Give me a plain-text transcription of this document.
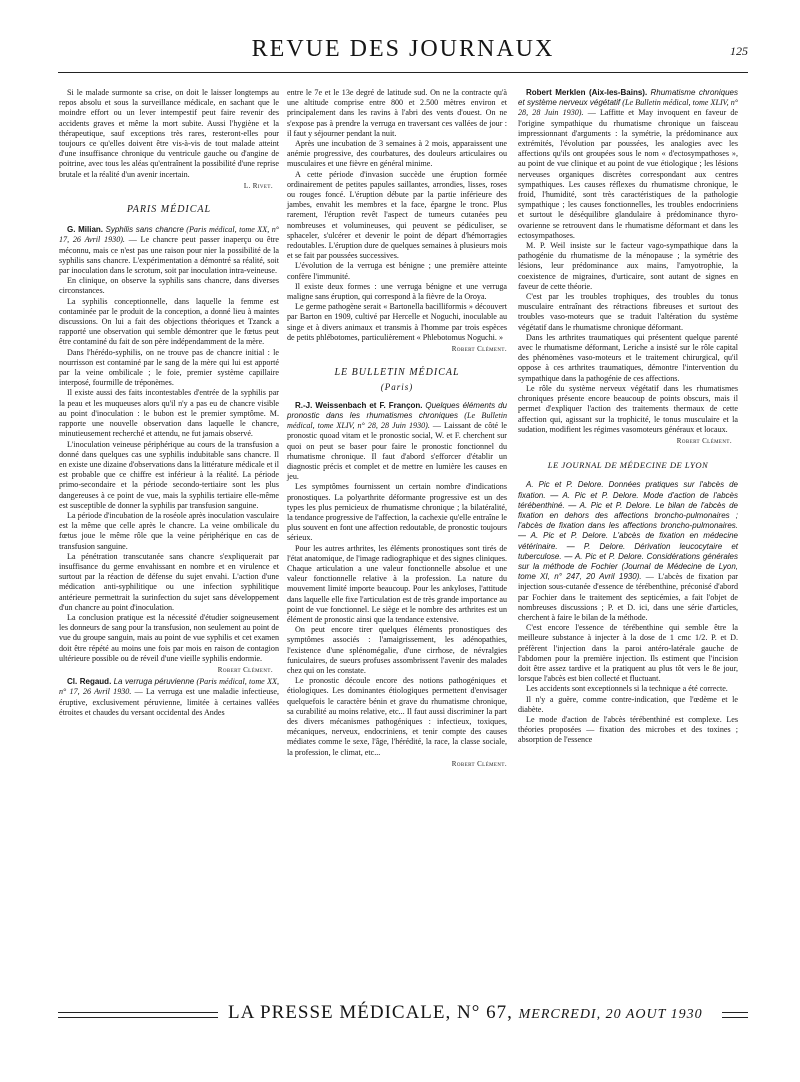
REVUE DES JOURNAUX	125

Si le malade surmonte sa crise, on doit le laisser longtemps au repos absolu et sous la surveillance médicale, en sachant que le moindre effort ou un lever intempestif peut faire revenir des accidents graves et même la mort subite. Aussi l'hygiène et la thérapeutique, sauf exceptions très rares, resteront-elles pour toujours ce qu'elles doivent être vis-à-vis de tout malade atteint d'une insuffisance chronique du ventricule gauche ou d'angine de poitrine, avec tous les aléas qu'entraînent la possibilité d'une reprise brutale et la réalité d'un avenir incertain.

L. Rivet.

PARIS MÉDICAL

G. Milian. Syphilis sans chancre (Paris médical, tome XX, n° 17, 26 Avril 1930). — Le chancre peut passer inaperçu ou être méconnu, mais ce n'est pas une raison pour nier la possibilité de la syphilis sans chancre. L'expérimentation a démontré sa réalité, soit par inoculation dans le scrotum, soit par inoculation intra-veineuse.

En clinique, on observe la syphilis sans chancre, dans diverses circonstances.

La syphilis conceptionnelle, dans laquelle la femme est contaminée par le produit de la conception, a donné lieu à maintes discussions. On lui a fait des objections théoriques et Tzanck a rapporté une observation qui semble démontrer que le fœtus peut être contaminé du fait de son père indépendamment de la mère.

Dans l'hérédo-syphilis, on ne trouve pas de chancre initial : le nourrisson est contaminé par le sang de la mère qui lui est apporté par la veine ombilicale ; le foie, premier système capillaire interposé, fourmille de tréponèmes.

Il existe aussi des faits incontestables d'entrée de la syphilis par la peau et les muqueuses alors qu'il n'y a pas eu de chancre visible au point d'inoculation : le bubon est le premier symptôme. M. rapporte une nouvelle observation dans laquelle le chancre, minutieusement recherché et attendu, ne fut jamais observé.

L'inoculation veineuse périphérique au cours de la transfusion a donné dans quelques cas une syphilis indubitable sans chancre. Il en existe une dizaine d'observations dans la littérature médicale et il est probable que ce chiffre est inférieur à la réalité. La période primo-secondaire et la période secondo-tertiaire sont les plus dangereuses à ce point de vue, mais la syphilis tertiaire elle-même est susceptible de donner la syphilis par transfusion sanguine.

La période d'incubation de la roséole après inoculation vasculaire est la même que celle après le chancre. La veine ombilicale du fœtus joue le même rôle que la veine périphérique en cas de transfusion sanguine.

La pénétration transcutanée sans chancre s'expliquerait par insuffisance du germe envahissant en nombre et en virulence et surtout par la réaction de défense du sujet envahi. L'action d'une médication anti-syphilitique ou une infection syphilitique antérieure permettrait la surinfection du sujet sans développement d'un chancre au point d'inoculation.

La conclusion pratique est la nécessité d'étudier soigneusement les donneurs de sang pour la transfusion, non seulement au point de vue du groupe sanguin, mais au point de vue syphilis et cet examen doit être répété au moins une fois par mois en raison de contagion ultérieure possible ou de réveil d'une vieille syphilis endormie.

Robert Clément.

Cl. Regaud. La verruga péruvienne (Paris médical, tome XX, n° 17, 26 Avril 1930. — La verruga est une maladie infectieuse, éruptive, exclusivement péruvienne, limitée à certaines vallées étroites et chaudes du versant occidental des Andes

entre le 7e et le 13e degré de latitude sud. On ne la contracte qu'à une altitude comprise entre 800 et 2.500 mètres environ et principalement dans les ravins à l'abri des vents d'ouest. On ne s'expose pas à prendre la verruga en traversant ces vallées de jour : il faut y séjourner pendant la nuit.

Après une incubation de 3 semaines à 2 mois, apparaissent une anémie progressive, des courbatures, des douleurs articulaires ou musculaires et une fièvre en général minime.

A cette période d'invasion succède une éruption formée ordinairement de petites papules saillantes, arrondies, lisses, roses ou rouges foncé. L'éruption débute par la partie inférieure des jambes, envahit les membres et la face, épargne le tronc. Plus rarement, l'éruption revêt l'aspect de tumeurs cutanées peu nombreuses et volumineuses, qui peuvent se pédiculiser, se sphaceler, s'ulcérer et devenir le point de départ d'hémorragies redoutables. L'éruption dure de quelques semaines à plusieurs mois et se fait par poussées successives.

L'évolution de la verruga est bénigne ; une première atteinte confère l'immunité.

Il existe deux formes : une verruga bénigne et une verruga maligne sans éruption, qui correspond à la fièvre de la Oroya.

Le germe pathogène serait « Bartonella bacilliformis » découvert par Barton en 1909, cultivé par Hercelle et Noguchi, inoculable au singe et à divers animaux et transmis à l'homme par trois espèces de petits phlébotomes, particulièrement « Phlebotomus Noguchi. »

Robert Clément.

LE BULLETIN MÉDICAL
(Paris)

R.-J. Weissenbach et F. Françon. Quelques éléments du pronostic dans les rhumatismes chroniques (Le Bulletin médical, tome XLIV, n° 28, 28 Juin 1930). — Laissant de côté le pronostic quoad vitam et le pronostic social, W. et F. cherchent sur quoi on peut se baser pour faire le pronostic fonctionnel du rhumatisme chronique. Il faut d'abord s'efforcer d'établir un diagnostic précis et complet et de mettre en lumière les causes en jeu.

Les symptômes fournissent un certain nombre d'indications pronostiques. La polyarthrite déformante progressive est un des types les plus pernicieux de rhumatisme chronique ; la bilatéralité, la tendance progressive de l'affection, la cachexie qu'elle entraîne le plus souvent en font une affection redoutable, de pronostic toujours sérieux.

Pour les autres arthrites, les éléments pronostiques sont tirés de l'état anatomique, de l'image radiographique et des signes cliniques. Chaque articulation a une valeur fonctionnelle absolue et une valeur fonctionnelle relative à la profession. La nature du mouvement limité importe beaucoup. Pour les ankyloses, l'attitude dans laquelle elle fixe l'articulation est de très grande importance au point de vue fonctionnel. Le siège et le nombre des arthrites est un élément de pronostic ainsi que la tendance extensive.

On peut encore tirer quelques éléments pronostiques des symptômes associés : l'amaigrissement, les adénopathies, l'existence d'une splénomégalie, d'une cirrhose, de névralgies funiculaires, de sueurs profuses assombrissent l'avenir des malades chez qui on les constate.

Le pronostic découle encore des notions pathogéniques et étiologiques. Les dominantes étiologiques permettent d'envisager quelquefois le caractère bénin et grave du rhumatisme chronique, sa curabilité au moins relative, etc... Il faut aussi discriminer la part des divers mécanismes pathogéniques : infectieux, toxiques, mécaniques, nerveux, endocriniens, et tenir compte des causes médiates comme le sexe, l'âge, l'hérédité, la race, la classe sociale, la profession, le climat, etc...

Robert Clément.

Robert Merklen (Aix-les-Bains). Rhumatisme chroniques et système nerveux végétatif (Le Bulletin médical, tome XLIV, n° 28, 28 Juin 1930). — Laffitte et May invoquent en faveur de l'origine sympathique du rhumatisme chronique un faisceau impressionnant d'arguments : la symétrie, la prédominance aux extrémités, l'évolution par poussées, les analogies avec les affections qu'ils ont groupées sous le nom « d'ectosympathoses », au point de vue clinique et au point de vue étiologique ; les lésions nerveuses organiques discrètes correspondant aux centres sympathiques. Les causes réflexes du rhumatisme chronique, le froid, l'humidité, sont très caractéristiques de la pathologie sympathique ; les causes fonctionnelles, les troubles endocriniens et surtout le déséquilibre glandulaire à prédominance thyro-ovarienne se retrouvent dans le rhumatisme déformant et dans les ectosympathoses.

M. P. Weil insiste sur le facteur vago-sympathique dans la pathogénie du rhumatisme de la ménopause ; la symétrie des lésions, leur prédominance aux mains, l'amyotrophie, la coexistence de migraines, d'urticaire, sont autant de signes en faveur de cette théorie.

C'est par les troubles trophiques, des troubles du tonus musculaire entraînant des rétractions fibreuses et surtout des troubles vaso-moteurs que se traduit l'altération du système végétatif dans le rhumatisme chronique déformant.

Dans les arthrites traumatiques qui présentent quelque parenté avec le rhumatisme déformant, Leriche a insisté sur le rôle capital des phénomènes vaso-moteurs et le traitement chirurgical, qu'il oppose à ces arthrites traumatiques, démontre l'intervention du sympathique dans la pathogénie de ces affections.

Le rôle du système nerveux végétatif dans les rhumatismes chroniques présente encore beaucoup de points obscurs, mais il permet d'expliquer l'action des traitements thermaux de cette affection qui, agissant sur la trophicité, le tonus musculaire et la sudation, modifient les régimes vasomoteurs généraux et locaux.

Robert Clément.

LE JOURNAL DE MÉDECINE DE LYON

A. Pic et P. Delore. Données pratiques sur l'abcès de fixation. — A. Pic et P. Delore. Mode d'action de l'abcès térébenthiné. — A. Pic et P. Delore. Le bilan de l'abcès de fixation en dehors des affections broncho-pulmonaires ; l'abcès de fixation dans les affections broncho-pulmonaires. — A. Pic et P. Delore. L'abcès de fixation en médecine vétérinaire. — P. Delore. Dérivation leucocytaire et tuberculose. — A. Pic et P. Delore. Considérations générales sur la méthode de Fochier (Journal de Médecine de Lyon, tome XI, n° 247, 20 Avril 1930). — L'abcès de fixation par injection sous-cutanée d'essence de térébenthine, préconisé d'abord par Fochier dans le traitement des septicémies, a fait l'objet de nombreuses discussions ; P. et D. ici, dans une série d'articles, cherchent à faire le bilan de la méthode.

C'est encore l'essence de térébenthine qui semble être la meilleure substance à injecter à la dose de 1 cmc 1/2. P. et D. préfèrent l'injection dans la paroi antéro-latérale gauche de l'abdomen pour la première injection. Ils estiment que l'incision doit être assez tardive et la pratiquent au plus tôt vers le 8e jour, lorsque l'abcès est bien collecté et fluctuant.

Les accidents sont exceptionnels si la technique a été correcte.

Il n'y a guère, comme contre-indication, que l'œdème et le diabète.

Le mode d'action de l'abcès térébenthiné est complexe. Les théories proposées — fixation des microbes et des toxines ; absorption de l'essence

LA PRESSE MÉDICALE, N° 67, MERCREDI, 20 AOUT 1930
